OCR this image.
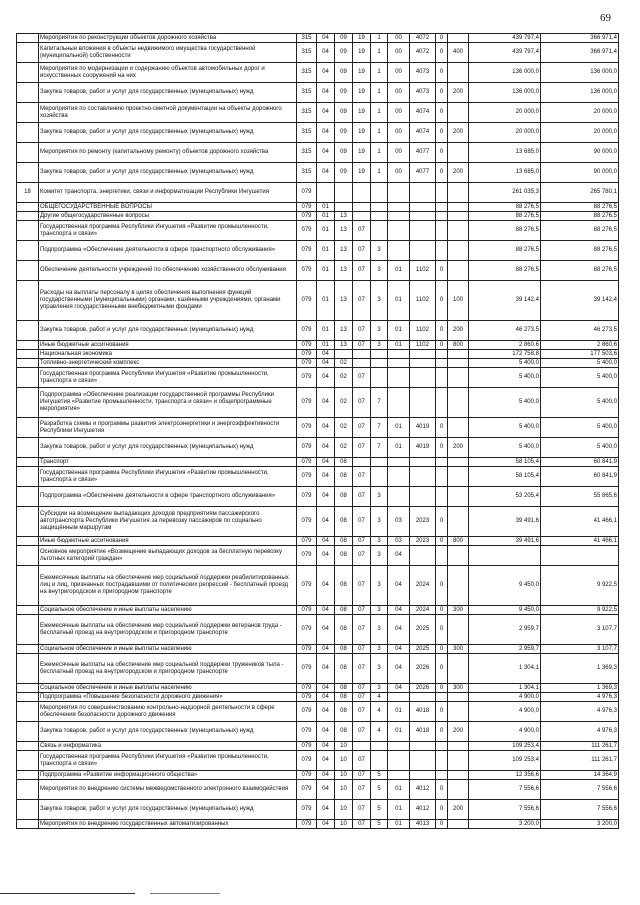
69
	Мероприятия по реконструкции объектов дорожного хозяйства	315	04	09	19	1	00	4072	0		439 797,4	366 971,4
	Капитальные вложения в объекты недвижимого имущества государственной (муниципальной) собственности	315	04	09	19	1	00	4072	0	400	439 797,4	366 971,4
	Мероприятия по модернизации и содержанию объектов автомобильных дорог и искусственных сооружений на них	315	04	09	19	1	00	4073	0		136 000,0	136 000,0
	Закупка товаров, работ и услуг для государственных (муниципальных) нужд	315	04	09	19	1	00	4073	0	200	136 000,0	136 000,0
	Мероприятия по составлению проектно-сметной документации на объекты дорожного хозяйства	315	04	09	19	1	00	4074	0		20 000,0	20 000,0
	Закупка товаров, работ и услуг для государственных (муниципальных) нужд	315	04	09	19	1	00	4074	0	200	20 000,0	20 000,0
	Мероприятия по ремонту (капитальному ремонту) объектов дорожного хозяйства	315	04	09	19	1	00	4077	0		13 685,0	90 000,0
	Закупка товаров, работ и услуг для государственных (муниципальных) нужд	315	04	09	19	1	00	4077	0	200	13 685,0	90 000,0
18	Комитет транспорта, энергетики, связи и информатизации Республики Ингушетия	079									261 035,3	265 780,1
	ОБЩЕГОСУДАРСТВЕННЫЕ ВОПРОСЫ	079	01								88 276,5	88 276,5
	Другие общегосударственные вопросы	079	01	13							88 276,5	88 276,5
	Государственная программа Республики Ингушетия «Развитие промышленности, транспорта и связи»	079	01	13	07						88 276,5	88 276,5
	Подпрограмма «Обеспечение деятельности в сфере транспортного обслуживания»	079	01	13	07	3					88 276,5	88 276,5
	Обеспечение деятельности учреждений по обеспечению хозяйственного обслуживания	079	01	13	07	3	01	1102	0		88 276,5	88 276,5
	Расходы на выплаты персоналу в целях обеспечения выполнения функций государственными (муниципальными) органами, казёнными учреждениями, органами управления государственными внебюджетными фондами	079	01	13	07	3	01	1102	0	100	39 142,4	39 142,4
	Закупка товаров, работ и услуг для государственных (муниципальных) нужд	079	01	13	07	3	01	1102	0	200	46 273,5	46 273,5
	Иные бюджетные ассигнования	079	01	13	07	3	01	1102	0	800	2 860,6	2 860,6
	Национальная экономика	079	04								172 758,8	177 503,6
	Топливно-энергетический комплекс	079	04	02							5 400,0	5 400,0
	Государственная программа Республики Ингушетия «Развитие промышленности, транспорта и связи»	079	04	02	07						5 400,0	5 400,0
	Подпрограмма «Обеспечение реализации государственной программы Республики Ингушетия «Развитие промышленности, транспорта и связи» и общепрограммные мероприятия»	079	04	02	07	7					5 400,0	5 400,0
	Разработка схемы и программы развития электроэнергетики и энергоэффективности Республики Ингушетия	079	04	02	07	7	01	4019	0		5 400,0	5 400,0
	Закупка товаров, работ и услуг для государственных (муниципальных) нужд	079	04	02	07	7	01	4019	0	200	5 400,0	5 400,0
	Транспорт	079	04	08							58 105,4	60 841,9
	Государственная программа Республики Ингушетия «Развитие промышленности, транспорта и связи»	079	04	08	07						58 105,4	60 841,9
	Подпрограмма «Обеспечение деятельности в сфере транспортного обслуживания»	079	04	08	07	3					53 205,4	55 865,6
	Субсидии на возмещение выпадающих доходов предприятиям пассажирского автотранспорта Республики Ингушетия за перевозку пассажиров по социально защищённым маршрутам	079	04	08	07	3	03	2023	0		39 491,6	41 466,1
	Иные бюджетные ассигнования	079	04	08	07	3	03	2023	0	800	39 491,6	41 466,1
	Основное мероприятие «Возмещение выпадающих доходов за бесплатную перевозку льготных категорий граждан»	079	04	08	07	3	04					
	Ежемесячные выплаты на обеспечение мер социальной поддержки реабилитированных лиц и лиц, признанных пострадавшими от политических репрессий - бесплатный проезд на внутригородском и пригородном транспорте	079	04	08	07	3	04	2024	0		9 450,0	9 922,5
	Социальное обеспечение и иные выплаты населению	079	04	08	07	3	04	2024	0	300	9 450,0	9 922,5
	Ежемесячные выплаты на обеспечение мер социальной поддержки ветеранов труда - бесплатный проезд на внутригородском и пригородном транспорте	079	04	08	07	3	04	2025	0		2 959,7	3 107,7
	Социальное обеспечение и иные выплаты населению	079	04	08	07	3	04	2025	0	300	2 959,7	3 107,7
	Ежемесячные выплаты на обеспечение мер социальной поддержки тружеников тыла - бесплатный проезд на внутригородском и пригородном транспорте	079	04	08	07	3	04	2026	0		1 304,1	1 369,3
	Социальное обеспечение и иные выплаты населению	079	04	08	07	3	04	2026	0	300	1 304,1	1 369,3
	Подпрограмма «Повышение безопасности дорожного движения»	079	04	08	07	4					4 900,0	4 976,3
	Мероприятия по совершенствованию контрольно-надзорной деятельности в сфере обеспечения безопасности дорожного движения	079	04	08	07	4	01	4018	0		4 900,0	4 976,3
	Закупка товаров, работ и услуг для государственных (муниципальных) нужд	079	04	08	07	4	01	4018	0	200	4 900,0	4 976,3
	Связь и информатика	079	04	10							109 253,4	111 261,7
	Государственная программа Республики Ингушетия «Развитие промышленности, транспорта и связи»	079	04	10	07						109 253,4	111 261,7
	Подпрограмма «Развитие информационного общества»	079	04	10	07	5					12 356,6	14 364,9
	Мероприятия по внедрению системы межведомственного электронного взаимодействия	079	04	10	07	5	01	4012	0		7 556,6	7 556,6
	Закупка товаров, работ и услуг для государственных (муниципальных) нужд	079	04	10	07	5	01	4012	0	200	7 556,6	7 556,6
	Мероприятия по внедрению государственных автоматизированных	079	04	10	07	5	01	4013	0		3 200,0	3 200,0
